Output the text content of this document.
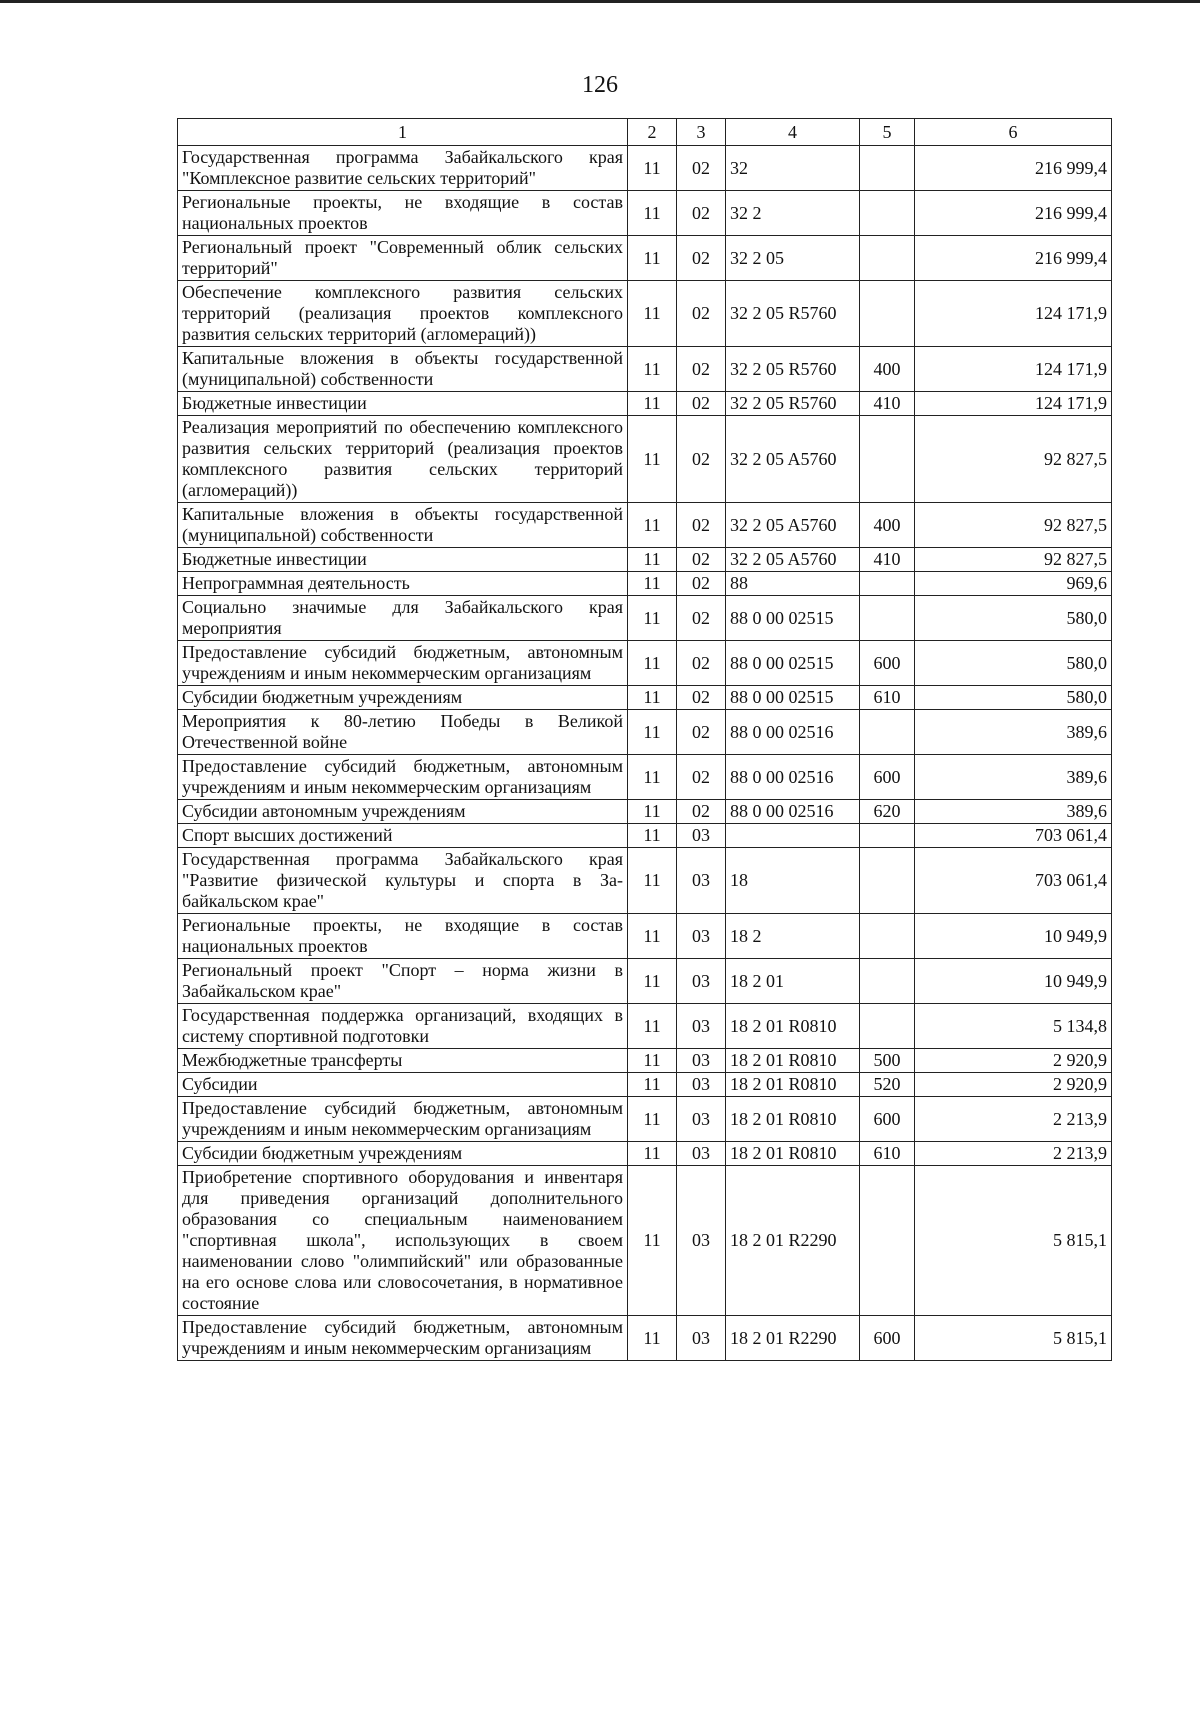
126
1	2	3	4	5	6
Государственная программа Забайкальского края "Комплексное развитие сельских территорий"	11	02	32		216 999,4
Региональные проекты, не входящие в состав национальных проектов	11	02	32 2		216 999,4
Региональный проект "Современный облик сельских территорий"	11	02	32 2 05		216 999,4
Обеспечение комплексного развития сельских территорий (реализация проектов комплексного развития сельских территорий (агломераций))	11	02	32 2 05 R5760		124 171,9
Капитальные вложения в объекты государственной (муниципальной) собственности	11	02	32 2 05 R5760	400	124 171,9
Бюджетные инвестиции	11	02	32 2 05 R5760	410	124 171,9
Реализация мероприятий по обеспечению комплексного развития сельских территорий (реализация проектов комплексного развития сельских территорий (агломераций))	11	02	32 2 05 A5760		92 827,5
Капитальные вложения в объекты государственной (муниципальной) собственности	11	02	32 2 05 A5760	400	92 827,5
Бюджетные инвестиции	11	02	32 2 05 A5760	410	92 827,5
Непрограммная деятельность	11	02	88		969,6
Социально значимые для Забайкальского края мероприятия	11	02	88 0 00 02515		580,0
Предоставление субсидий бюджетным, автономным учреждениям и иным некоммерческим организациям	11	02	88 0 00 02515	600	580,0
Субсидии бюджетным учреждениям	11	02	88 0 00 02515	610	580,0
Мероприятия к 80-летию Победы в Великой Отечественной войне	11	02	88 0 00 02516		389,6
Предоставление субсидий бюджетным, автономным учреждениям и иным некоммерческим организациям	11	02	88 0 00 02516	600	389,6
Субсидии автономным учреждениям	11	02	88 0 00 02516	620	389,6
Спорт высших достижений	11	03			703 061,4
Государственная программа Забайкальского края "Развитие физической культуры и спорта в Забайкальском крае"	11	03	18		703 061,4
Региональные проекты, не входящие в состав национальных проектов	11	03	18 2		10 949,9
Региональный проект "Спорт – норма жизни в Забайкальском крае"	11	03	18 2 01		10 949,9
Государственная поддержка организаций, входящих в систему спортивной подготовки	11	03	18 2 01 R0810		5 134,8
Межбюджетные трансферты	11	03	18 2 01 R0810	500	2 920,9
Субсидии	11	03	18 2 01 R0810	520	2 920,9
Предоставление субсидий бюджетным, автономным учреждениям и иным некоммерческим организациям	11	03	18 2 01 R0810	600	2 213,9
Субсидии бюджетным учреждениям	11	03	18 2 01 R0810	610	2 213,9
Приобретение спортивного оборудования и инвентаря для приведения организаций дополнительного образования со специальным наименованием "спортивная школа", использующих в своем наименовании слово "олимпийский" или образованные на его основе слова или словосочетания, в нормативное состояние	11	03	18 2 01 R2290		5 815,1
Предоставление субсидий бюджетным, автономным учреждениям и иным некоммерческим организациям	11	03	18 2 01 R2290	600	5 815,1
